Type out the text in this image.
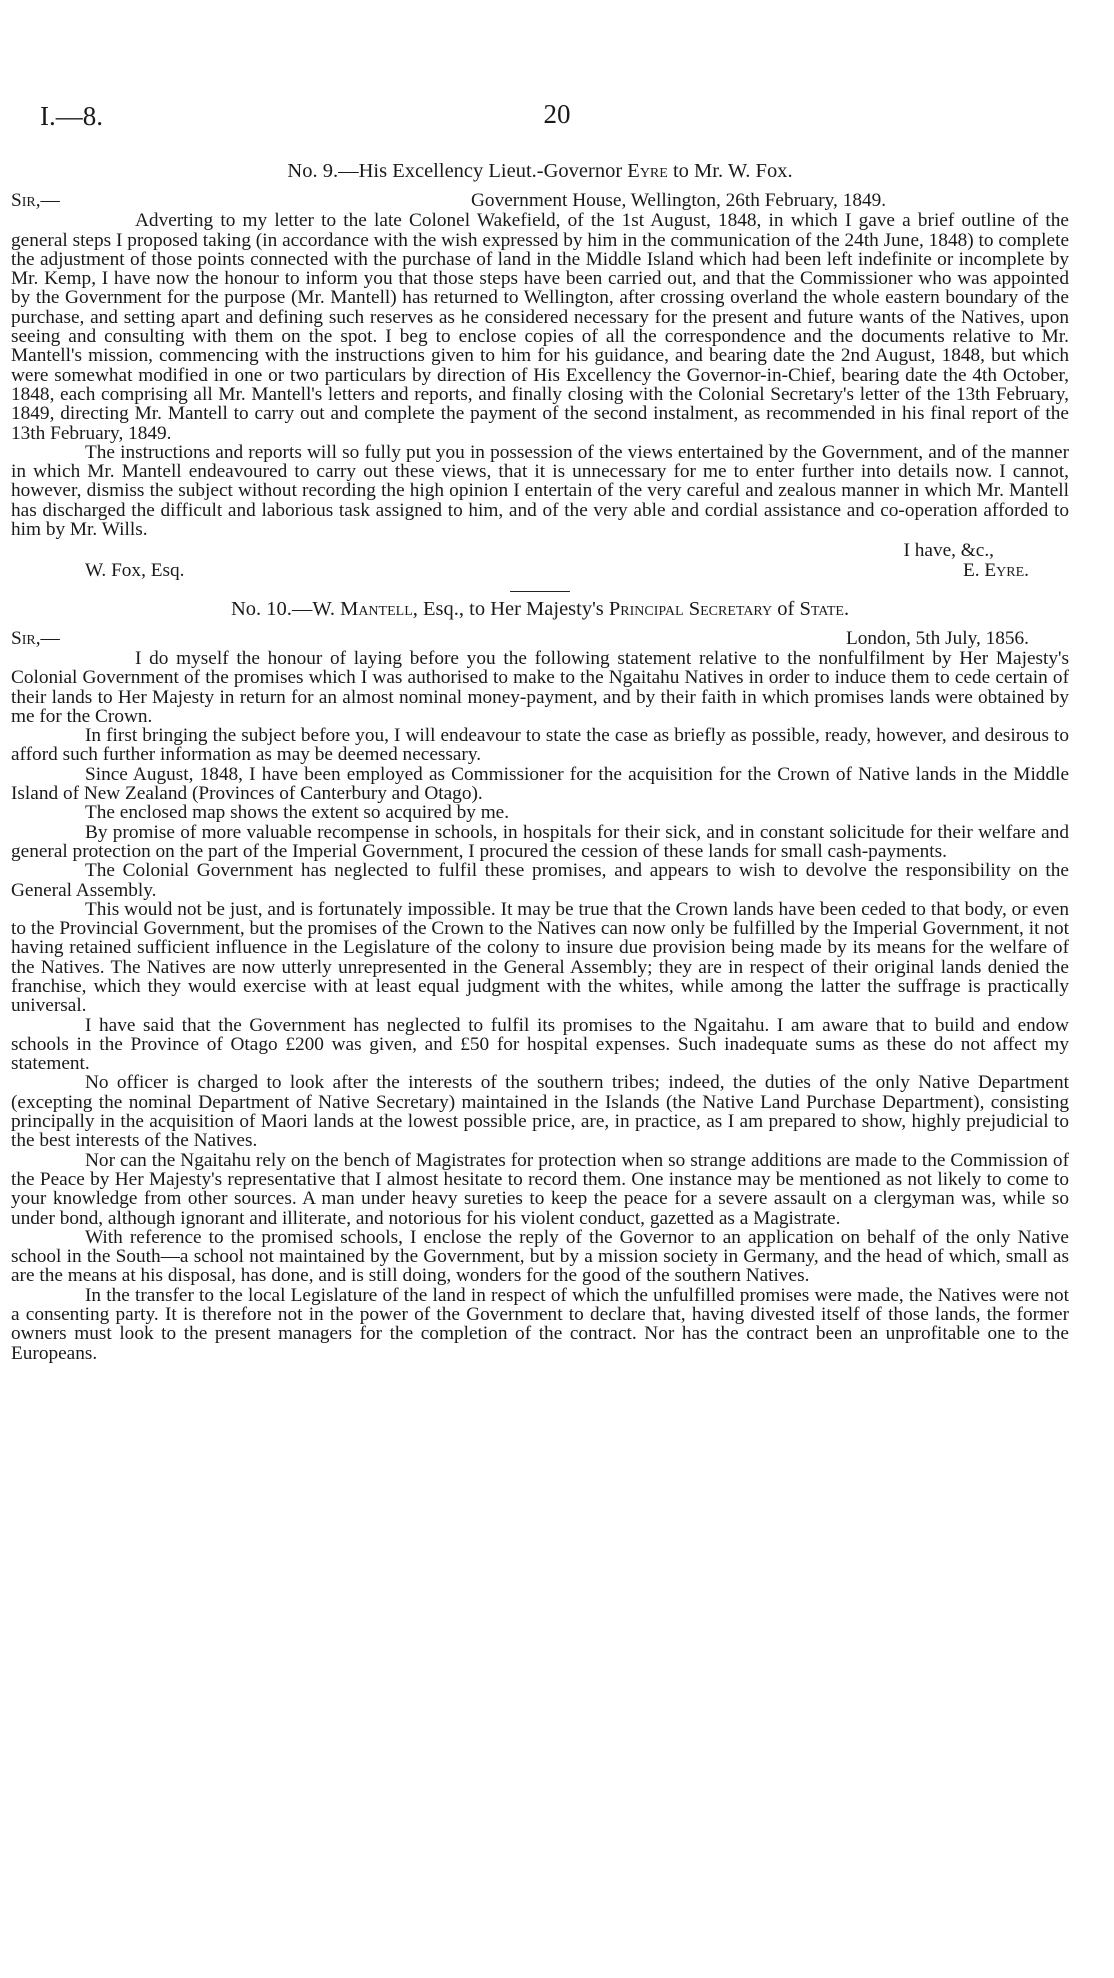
I.—8.	20
No. 9.—His Excellency Lieut.-Governor Eyre to Mr. W. Fox.
Sir,—	Government House, Wellington, 26th February, 1849.

Adverting to my letter to the late Colonel Wakefield, of the 1st August, 1848, in which I gave a brief outline of the general steps I proposed taking (in accordance with the wish expressed by him in the communication of the 24th June, 1848) to complete the adjustment of those points connected with the purchase of land in the Middle Island which had been left indefinite or incomplete by Mr. Kemp, I have now the honour to inform you that those steps have been carried out, and that the Commissioner who was appointed by the Government for the purpose (Mr. Mantell) has returned to Wellington, after crossing overland the whole eastern boundary of the purchase, and setting apart and defining such reserves as he considered necessary for the present and future wants of the Natives, upon seeing and consulting with them on the spot. I beg to enclose copies of all the correspondence and the documents relative to Mr. Mantell's mission, commencing with the instructions given to him for his guidance, and bearing date the 2nd August, 1848, but which were somewhat modified in one or two particulars by direction of His Excellency the Governor-in-Chief, bearing date the 4th October, 1848, each comprising all Mr. Mantell's letters and reports, and finally closing with the Colonial Secretary's letter of the 13th February, 1849, directing Mr. Mantell to carry out and complete the payment of the second instalment, as recommended in his final report of the 13th February, 1849.

The instructions and reports will so fully put you in possession of the views entertained by the Government, and of the manner in which Mr. Mantell endeavoured to carry out these views, that it is unnecessary for me to enter further into details now. I cannot, however, dismiss the subject without recording the high opinion I entertain of the very careful and zealous manner in which Mr. Mantell has discharged the difficult and laborious task assigned to him, and of the very able and cordial assistance and co-operation afforded to him by Mr. Wills.

I have, &c.,
W. Fox, Esq.	E. Eyre.
No. 10.—W. Mantell, Esq., to Her Majesty's Principal Secretary of State.
Sir,—	London, 5th July, 1856.

I do myself the honour of laying before you the following statement relative to the nonfulfilment by Her Majesty's Colonial Government of the promises which I was authorised to make to the Ngaitahu Natives in order to induce them to cede certain of their lands to Her Majesty in return for an almost nominal money-payment, and by their faith in which promises lands were obtained by me for the Crown.

In first bringing the subject before you, I will endeavour to state the case as briefly as possible, ready, however, and desirous to afford such further information as may be deemed necessary.

Since August, 1848, I have been employed as Commissioner for the acquisition for the Crown of Native lands in the Middle Island of New Zealand (Provinces of Canterbury and Otago).

The enclosed map shows the extent so acquired by me.

By promise of more valuable recompense in schools, in hospitals for their sick, and in constant solicitude for their welfare and general protection on the part of the Imperial Government, I procured the cession of these lands for small cash-payments.

The Colonial Government has neglected to fulfil these promises, and appears to wish to devolve the responsibility on the General Assembly.

This would not be just, and is fortunately impossible. It may be true that the Crown lands have been ceded to that body, or even to the Provincial Government, but the promises of the Crown to the Natives can now only be fulfilled by the Imperial Government, it not having retained sufficient influence in the Legislature of the colony to insure due provision being made by its means for the welfare of the Natives. The Natives are now utterly unrepresented in the General Assembly; they are in respect of their original lands denied the franchise, which they would exercise with at least equal judgment with the whites, while among the latter the suffrage is practically universal.

I have said that the Government has neglected to fulfil its promises to the Ngaitahu. I am aware that to build and endow schools in the Province of Otago £200 was given, and £50 for hospital expenses. Such inadequate sums as these do not affect my statement.

No officer is charged to look after the interests of the southern tribes; indeed, the duties of the only Native Department (excepting the nominal Department of Native Secretary) maintained in the Islands (the Native Land Purchase Department), consisting principally in the acquisition of Maori lands at the lowest possible price, are, in practice, as I am prepared to show, highly prejudicial to the best interests of the Natives.

Nor can the Ngaitahu rely on the bench of Magistrates for protection when so strange additions are made to the Commission of the Peace by Her Majesty's representative that I almost hesitate to record them. One instance may be mentioned as not likely to come to your knowledge from other sources. A man under heavy sureties to keep the peace for a severe assault on a clergyman was, while so under bond, although ignorant and illiterate, and notorious for his violent conduct, gazetted as a Magistrate.

With reference to the promised schools, I enclose the reply of the Governor to an application on behalf of the only Native school in the South—a school not maintained by the Government, but by a mission society in Germany, and the head of which, small as are the means at his disposal, has done, and is still doing, wonders for the good of the southern Natives.

In the transfer to the local Legislature of the land in respect of which the unfulfilled promises were made, the Natives were not a consenting party. It is therefore not in the power of the Government to declare that, having divested itself of those lands, the former owners must look to the present managers for the completion of the contract. Nor has the contract been an unprofitable one to the Europeans.
